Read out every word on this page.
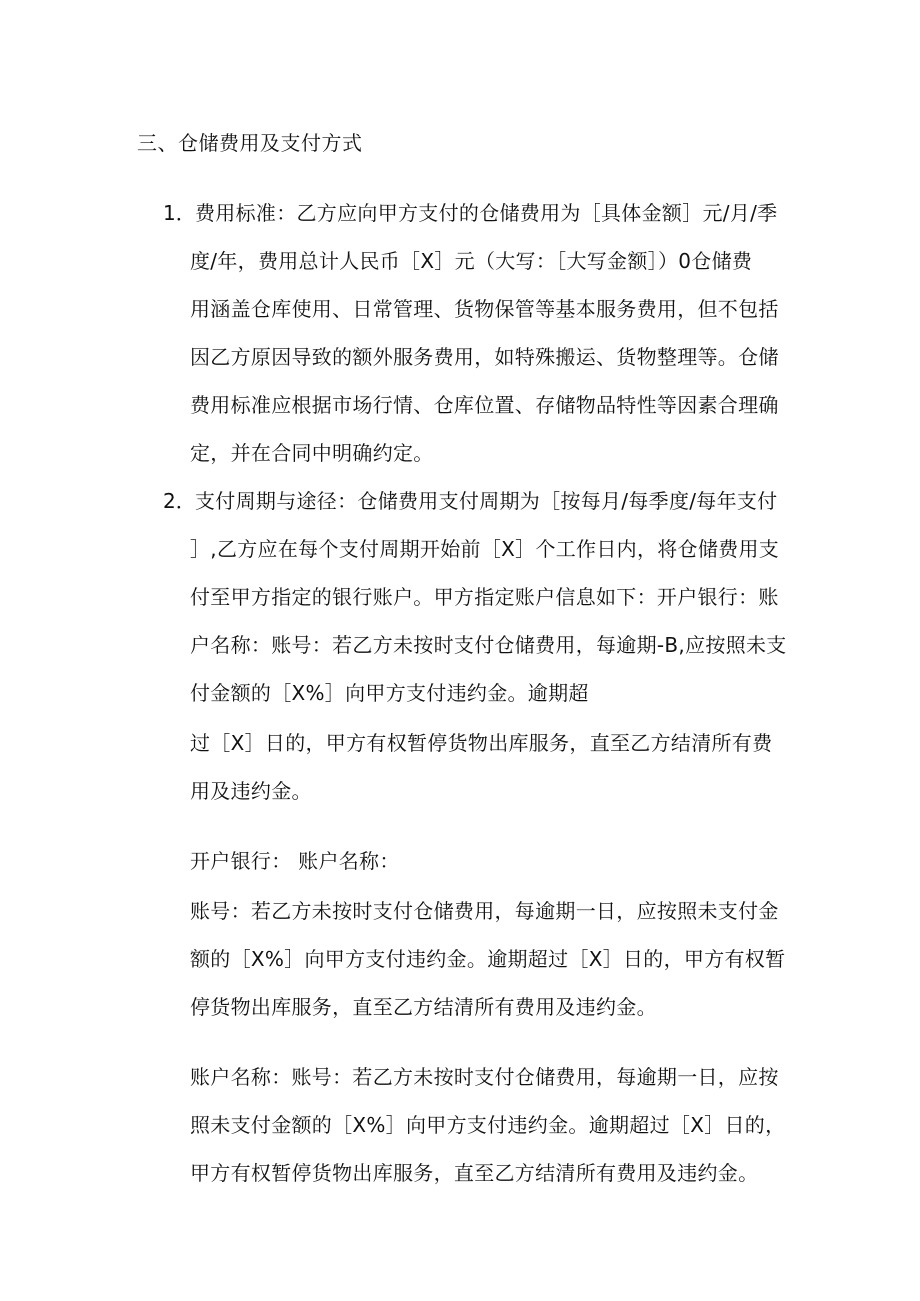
三、仓储费用及支付方式
1． 费用标准：乙方应向甲方支付的仓储费用为［具体金额］元/月/季
度/年，费用总计人民币［X］元（大写：［大写金额］）0仓储费
用涵盖仓库使用、日常管理、货物保管等基本服务费用，但不包括
因乙方原因导致的额外服务费用，如特殊搬运、货物整理等。仓储
费用标准应根据市场行情、仓库位置、存储物品特性等因素合理确
定，并在合同中明确约定。
2． 支付周期与途径：仓储费用支付周期为［按每月/每季度/每年支付
］,乙方应在每个支付周期开始前［X］个工作日内，将仓储费用支
付至甲方指定的银行账户。甲方指定账户信息如下：开户银行：账
户名称：账号：若乙方未按时支付仓储费用，每逾期-B,应按照未支
付金额的［X%］向甲方支付违约金。逾期超
过［X］日的，甲方有权暂停货物出库服务，直至乙方结清所有费
用及违约金。
开户银行： 账户名称：
账号：若乙方未按时支付仓储费用，每逾期一日，应按照未支付金
额的［X%］向甲方支付违约金。逾期超过［X］日的，甲方有权暂
停货物出库服务，直至乙方结清所有费用及违约金。
账户名称：账号：若乙方未按时支付仓储费用，每逾期一日，应按
照未支付金额的［X%］向甲方支付违约金。逾期超过［X］日的，
甲方有权暂停货物出库服务，直至乙方结清所有费用及违约金。
